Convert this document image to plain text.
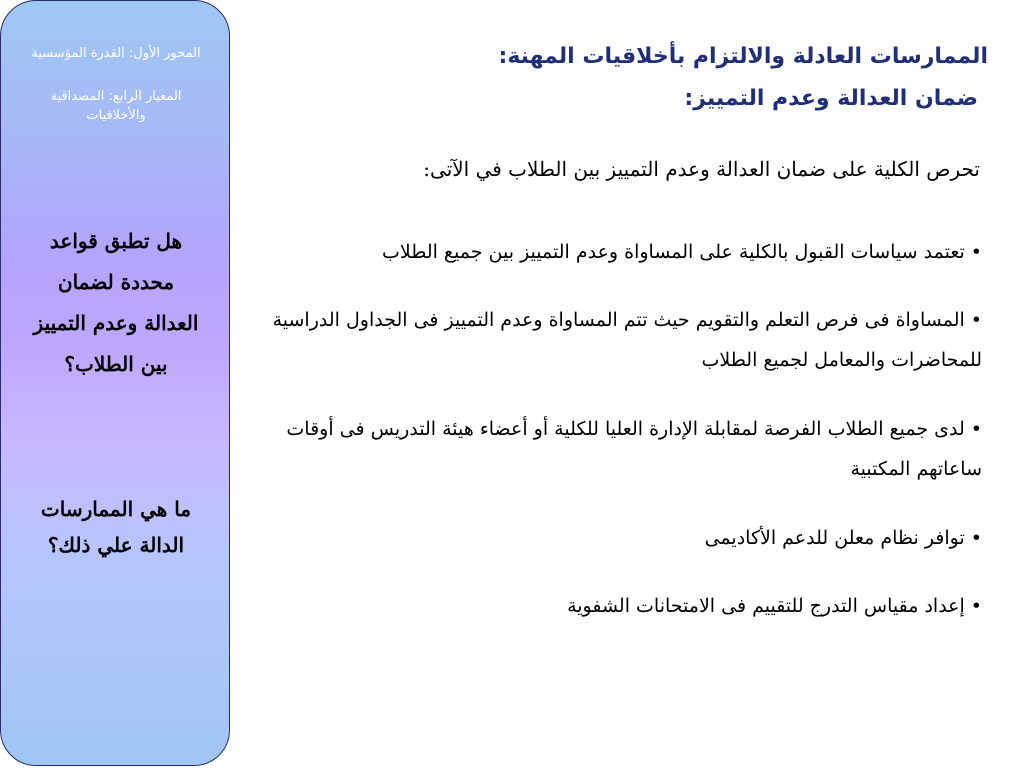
المحور الأول: القدرة المؤسسية
المعيار الرابع: المصداقية والأخلاقيات
هل تطبق قواعد محددة لضمان العدالة وعدم التمييز بين الطلاب؟
ما هي الممارسات الدالة علي ذلك؟
الممارسات العادلة والالتزام بأخلاقيات المهنة:
ضمان العدالة وعدم التمييز:
تحرص الكلية على ضمان العدالة وعدم التمييز بين الطلاب في الآتى:
•تعتمد سياسات القبول بالكلية على المساواة وعدم التمييز بين جميع الطلاب
•المساواة فى فرص التعلم والتقويم حيث تتم المساواة وعدم التمييز فى الجداول الدراسية للمحاضرات والمعامل لجميع الطلاب
•لدى جميع الطلاب الفرصة لمقابلة الإدارة العليا للكلية أو أعضاء هيئة التدريس فى أوقات ساعاتهم المكتبية
•توافر نظام معلن للدعم الأكاديمى
•إعداد مقياس التدرج للتقييم فى الامتحانات الشفوية
